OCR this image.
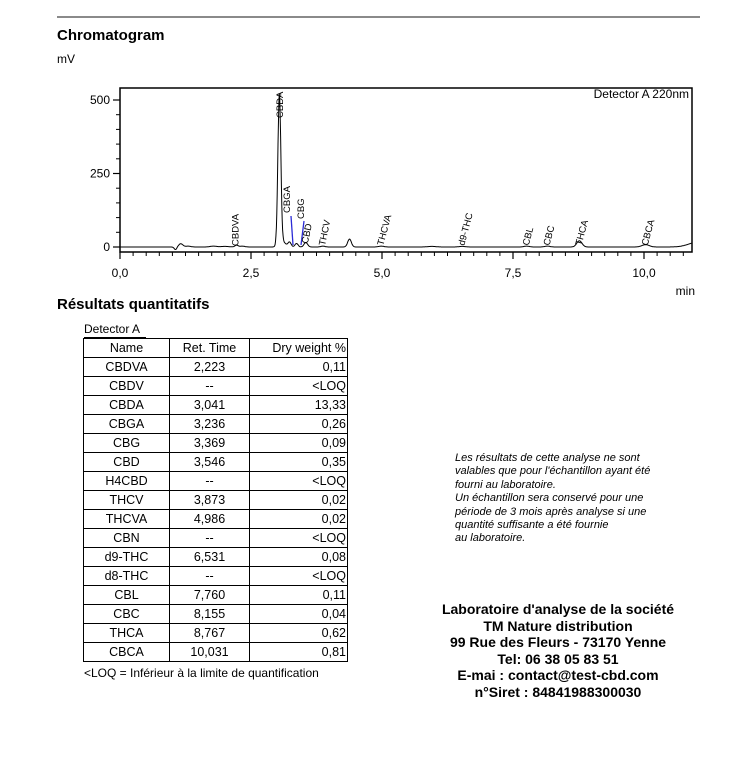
Chromatogram
mV
0,0	2,5	5,0	7,5	10,0
0
250
500
CBDVA
CBDA
CBGA CBG
CBD THCV	THCVA	d9-THC	CBL CBC THCA	CBCA
Detector A 220nm
min
Résultats quantitatifs
Detector A
Name	Ret. Time	Dry weight %
CBDVA	2,223	0,11
CBDV	--	<LOQ
CBDA	3,041	13,33
CBGA	3,236	0,26
CBG	3,369	0,09
CBD	3,546	0,35
H4CBD	--	<LOQ
THCV	3,873	0,02
THCVA	4,986	0,02
CBN	--	<LOQ
d9-THC	6,531	0,08
d8-THC	--	<LOQ
CBL	7,760	0,11
CBC	8,155	0,04
THCA	8,767	0,62
CBCA	10,031	0,81
<LOQ = Inférieur à la limite de quantification
Les résultats de cette analyse ne sont
valables que pour l'échantillon ayant été
fourni au laboratoire.
Un échantillon sera conservé pour une
période de 3 mois après analyse si une
quantité suffisante a été fournie
au laboratoire.
Laboratoire d'analyse de la société
TM Nature distribution
99 Rue des Fleurs - 73170 Yenne
Tel: 06 38 05 83 51
E-mai : contact@test-cbd.com
n°Siret : 84841988300030
